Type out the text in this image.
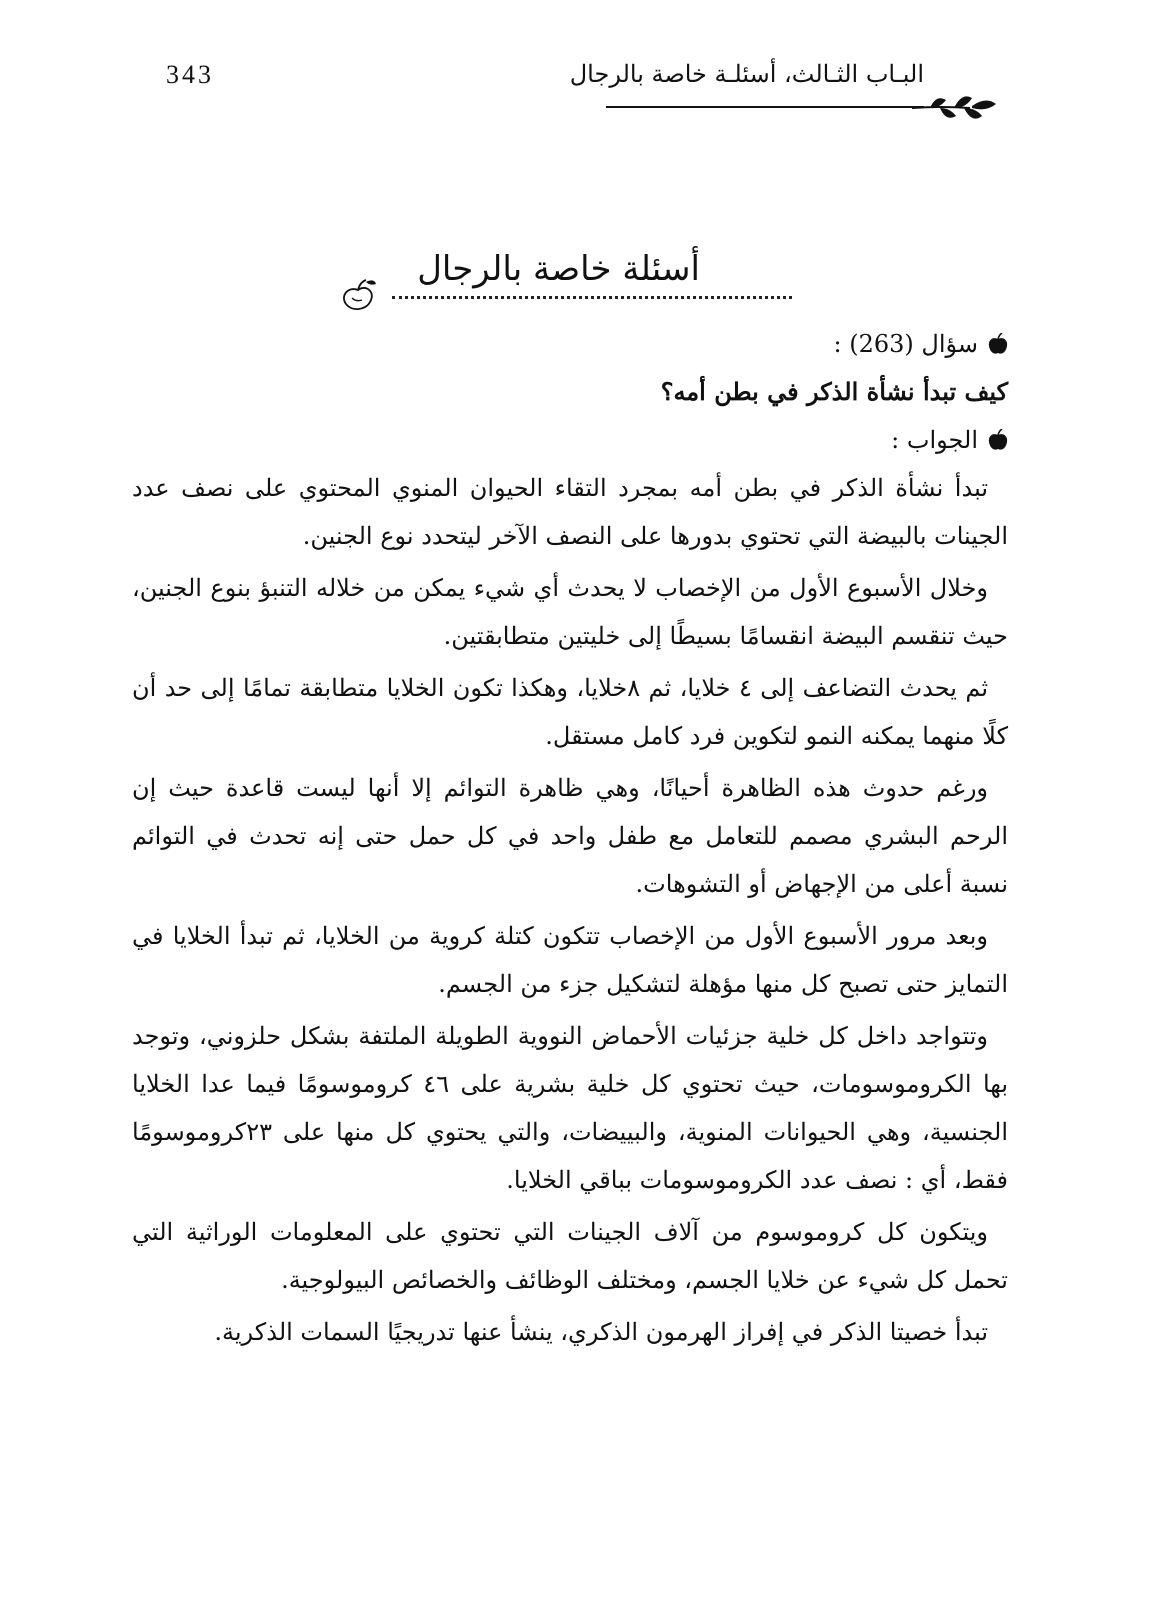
343	البـاب الثـالث، أسئلـة خاصة بالرجال
أسئلة خاصة بالرجال
سؤال (263) :
كيف تبدأ نشأة الذكر في بطن أمه؟
الجواب :

تبدأ نشأة الذكر في بطن أمه بمجرد التقاء الحيوان المنوي المحتوي على نصف عدد الجينات بالبيضة التي تحتوي بدورها على النصف الآخر ليتحدد نوع الجنين.

وخلال الأسبوع الأول من الإخصاب لا يحدث أي شيء يمكن من خلاله التنبؤ بنوع الجنين، حيث تنقسم البيضة انقسامًا بسيطًا إلى خليتين متطابقتين.

ثم يحدث التضاعف إلى ٤ خلايا، ثم ٨خلايا، وهكذا تكون الخلايا متطابقة تمامًا إلى حد أن كلًا منهما يمكنه النمو لتكوين فرد كامل مستقل.

ورغم حدوث هذه الظاهرة أحيانًا، وهي ظاهرة التوائم إلا أنها ليست قاعدة حيث إن الرحم البشري مصمم للتعامل مع طفل واحد في كل حمل حتى إنه تحدث في التوائم نسبة أعلى من الإجهاض أو التشوهات.

وبعد مرور الأسبوع الأول من الإخصاب تتكون كتلة كروية من الخلايا، ثم تبدأ الخلايا في التمايز حتى تصبح كل منها مؤهلة لتشكيل جزء من الجسم.

وتتواجد داخل كل خلية جزئيات الأحماض النووية الطويلة الملتفة بشكل حلزوني، وتوجد بها الكروموسومات، حيث تحتوي كل خلية بشرية على ٤٦ كروموسومًا فيما عدا الخلايا الجنسية، وهي الحيوانات المنوية، والبييضات، والتي يحتوي كل منها على ٢٣كروموسومًا فقط، أي : نصف عدد الكروموسومات بباقي الخلايا.

ويتكون كل كروموسوم من آلاف الجينات التي تحتوي على المعلومات الوراثية التي تحمل كل شيء عن خلايا الجسم، ومختلف الوظائف والخصائص البيولوجية.

تبدأ خصيتا الذكر في إفراز الهرمون الذكري، ينشأ عنها تدريجيًا السمات الذكرية.
